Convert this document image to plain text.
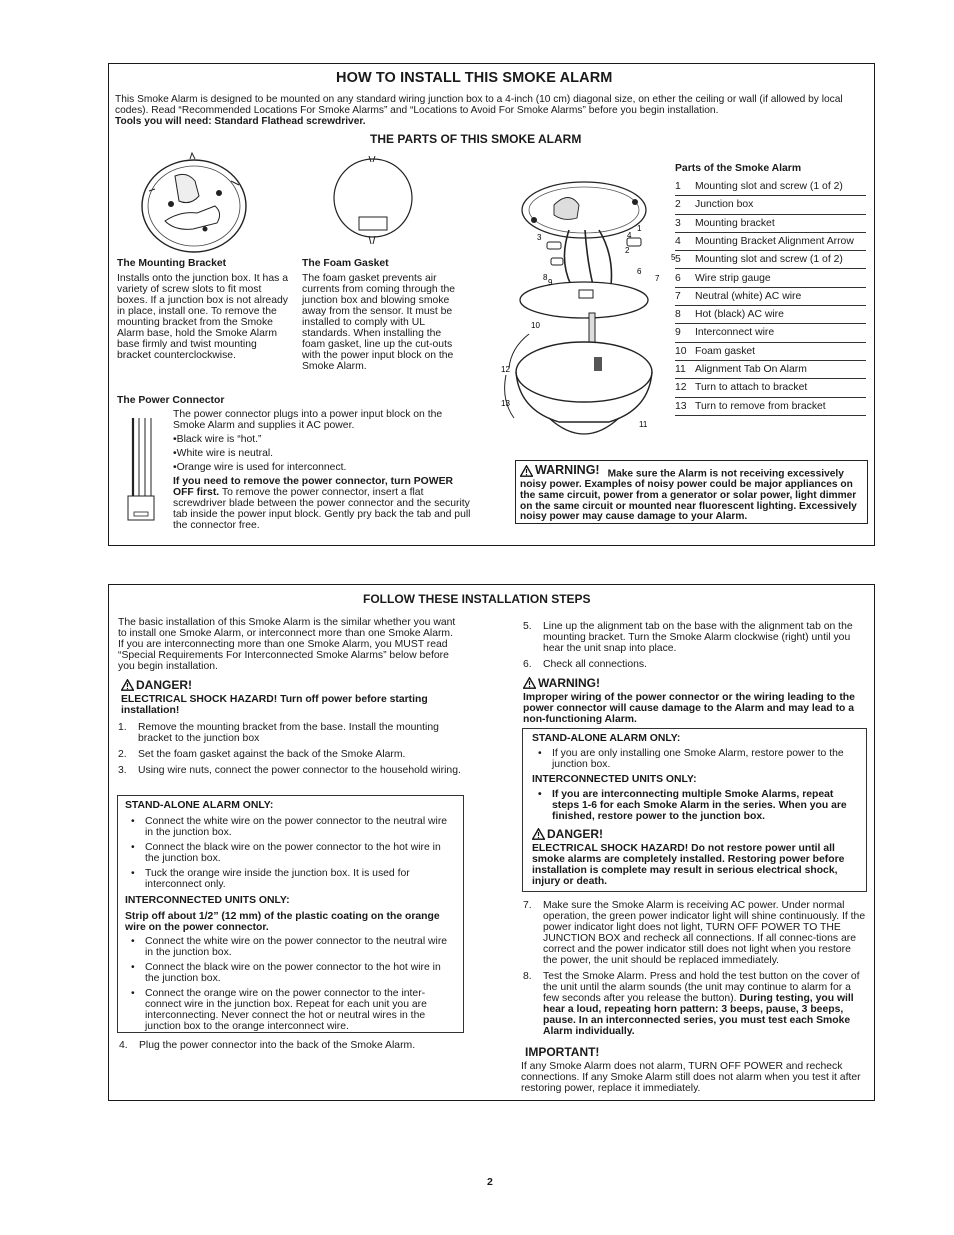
HOW TO INSTALL THIS SMOKE ALARM

This Smoke Alarm is designed to be mounted on any standard wiring junction box to a 4-inch (10 cm) diagonal size, on ether the ceiling or wall (if allowed by local codes). Read “Recommended Locations For Smoke Alarms” and “Locations to Avoid For Smoke Alarms” before you begin installation.

Tools you will need: Standard Flathead screwdriver.

THE PARTS OF THIS SMOKE ALARM

The Mounting Bracket

Installs onto the junction box. It has a variety of screw slots to fit most boxes. If a junction box is not already in place, install one. To remove the mounting bracket from the Smoke Alarm base, hold the Smoke Alarm base firmly and twist mounting bracket counterclockwise.

The Foam Gasket

The foam gasket prevents air currents from coming through the junction box and blowing smoke away from the sensor. It must be installed to comply with UL standards. When installing the foam gasket, line up the cut-outs with the power input block on the Smoke Alarm.

1
2
3	4
5
6
7
8
9
10
11
12
13
Parts of the Smoke Alarm
1 Mounting slot and screw (1 of 2)
2 Junction box
3 Mounting bracket
4 Mounting Bracket Alignment Arrow
5 Mounting slot and screw (1 of 2)
6 Wire strip gauge
7 Neutral (white) AC wire
8 Hot (black) AC wire
9 Interconnect wire
10 Foam gasket
11 Alignment Tab On Alarm
12 Turn to attach to bracket
13 Turn to remove from bracket
The Power Connector

The power connector plugs into a power input block on the Smoke Alarm and supplies it AC power.

•Black wire is “hot.”

•White wire is neutral.

•Orange wire is used for interconnect.

If you need to remove the power connector, turn POWER OFF first. To remove the power connector, insert a flat screwdriver blade between the power connector and the security tab inside the power input block. Gently pry back the tab and pull the connector free.

WARNING! Make sure the Alarm is not receiving excessively noisy power. Examples of noisy power could be major appliances on the same circuit, power from a generator or solar power, light dimmer on the same circuit or mounted near fluorescent lighting. Excessively noisy power may cause damage to your Alarm.

FOLLOW THESE INSTALLATION STEPS
The basic installation of this Smoke Alarm is the similar whether you want to install one Smoke Alarm, or interconnect more than one Smoke Alarm. If you are interconnecting more than one Smoke Alarm, you MUST read “Special Requirements For Interconnected Smoke Alarms” below before you begin installation.
DANGER!

ELECTRICAL SHOCK HAZARD! Turn off power before starting installation!

1. Remove the mounting bracket from the base. Install the mounting bracket to the junction box
2. Set the foam gasket against the back of the Smoke Alarm.
3. Using wire nuts, connect the power connector to the household wiring.

STAND-ALONE ALARM ONLY:

• Connect the white wire on the power connector to the neutral wire in the junction box.
• Connect the black wire on the power connector to the hot wire in the junction box.
• Tuck the orange wire inside the junction box. It is used for interconnect only.

INTERCONNECTED UNITS ONLY:

Strip off about 1/2” (12 mm) of the plastic coating on the orange wire on the power connector.

• Connect the white wire on the power connector to the neutral wire in the junction box.
• Connect the black wire on the power connector to the hot wire in the junction box.
• Connect the orange wire on the power connector to the inter-connect wire in the junction box. Repeat for each unit you are interconnecting. Never connect the hot or neutral wires in the junction box to the orange interconnect wire.
4. Plug the power connector into the back of the Smoke Alarm.
5. Line up the alignment tab on the base with the alignment tab on the mounting bracket. Turn the Smoke Alarm clockwise (right) until you hear the unit snap into place.
6. Check all connections.
WARNING!

Improper wiring of the power connector or the wiring leading to the power connector will cause damage to the Alarm and may lead to a non-functioning Alarm.

STAND-ALONE ALARM ONLY:

• If you are only installing one Smoke Alarm, restore power to the junction box.

INTERCONNECTED UNITS ONLY:

• If you are interconnecting multiple Smoke Alarms, repeat steps 1-6 for each Smoke Alarm in the series. When you are finished, restore power to the junction box.
DANGER!

ELECTRICAL SHOCK HAZARD! Do not restore power until all smoke alarms are completely installed. Restoring power before installation is complete may result in serious electrical shock, injury or death.

7. Make sure the Smoke Alarm is receiving AC power. Under normal operation, the green power indicator light will shine continuously. If the power indicator light does not light, TURN OFF POWER TO THE JUNCTION BOX and recheck all connections. If all connec-tions are correct and the power indicator still does not light when you restore the power, the unit should be replaced immediately.
8. Test the Smoke Alarm. Press and hold the test button on the cover of the unit until the alarm sounds (the unit may continue to alarm for a few seconds after you release the button). During testing, you will hear a loud, repeating horn pattern: 3 beeps, pause, 3 beeps, pause. In an interconnected series, you must test each Smoke Alarm individually.
IMPORTANT!

If any Smoke Alarm does not alarm, TURN OFF POWER and recheck connections. If any Smoke Alarm still does not alarm when you test it after restoring power, replace it immediately.

2
